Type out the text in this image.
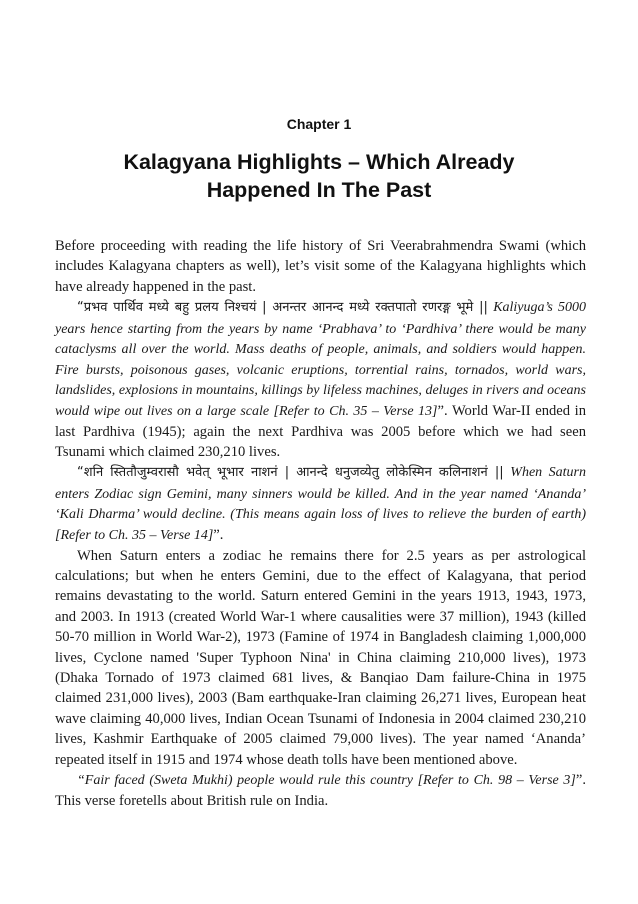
Chapter 1
Kalagyana Highlights – Which Already
Happened In The Past

Before proceeding with reading the life history of Sri Veerabrahmendra Swami (which includes Kalagyana chapters as well), let’s visit some of the Kalagyana highlights which have already happened in the past.

“प्रभव पार्थिव मध्ये बहु प्रलय निश्चयं | अनन्तर आनन्द मध्ये रक्तपातो रणरङ्ग भूमे || Kaliyuga’s 5000 years hence starting from the years by name ‘Prabhava’ to ‘Pardhiva’ there would be many cataclysms all over the world. Mass deaths of people, animals, and soldiers would happen. Fire bursts, poisonous gases, volcanic eruptions, torrential rains, tornados, world wars, landslides, explosions in mountains, killings by lifeless machines, deluges in rivers and oceans would wipe out lives on a large scale [Refer to Ch. 35 – Verse 13]”. World War-II ended in last Pardhiva (1945); again the next Pardhiva was 2005 before which we had seen Tsunami which claimed 230,210 lives.

“शनि स्तितौजुम्वरासौ भवेत् भूभार नाशनं | आनन्दे धनुजव्येतु लोकेस्मिन कलिनाशनं || When Saturn enters Zodiac sign Gemini, many sinners would be killed. And in the year named ‘Ananda’ ‘Kali Dharma’ would decline. (This means again loss of lives to relieve the burden of earth) [Refer to Ch. 35 – Verse 14]”.

When Saturn enters a zodiac he remains there for 2.5 years as per astrological calculations; but when he enters Gemini, due to the effect of Kalagyana, that period remains devastating to the world. Saturn entered Gemini in the years 1913, 1943, 1973, and 2003. In 1913 (created World War-1 where causalities were 37 million), 1943 (killed 50-70 million in World War-2), 1973 (Famine of 1974 in Bangladesh claiming 1,000,000 lives, Cyclone named 'Super Typhoon Nina' in China claiming 210,000 lives), 1973 (Dhaka Tornado of 1973 claimed 681 lives, & Banqiao Dam failure-China in 1975 claimed 231,000 lives), 2003 (Bam earthquake-Iran claiming 26,271 lives, European heat wave claiming 40,000 lives, Indian Ocean Tsunami of Indonesia in 2004 claimed 230,210 lives, Kashmir Earthquake of 2005 claimed 79,000 lives). The year named ‘Ananda’ repeated itself in 1915 and 1974 whose death tolls have been mentioned above.

“Fair faced (Sweta Mukhi) people would rule this country [Refer to Ch. 98 – Verse 3]”. This verse foretells about British rule on India.
